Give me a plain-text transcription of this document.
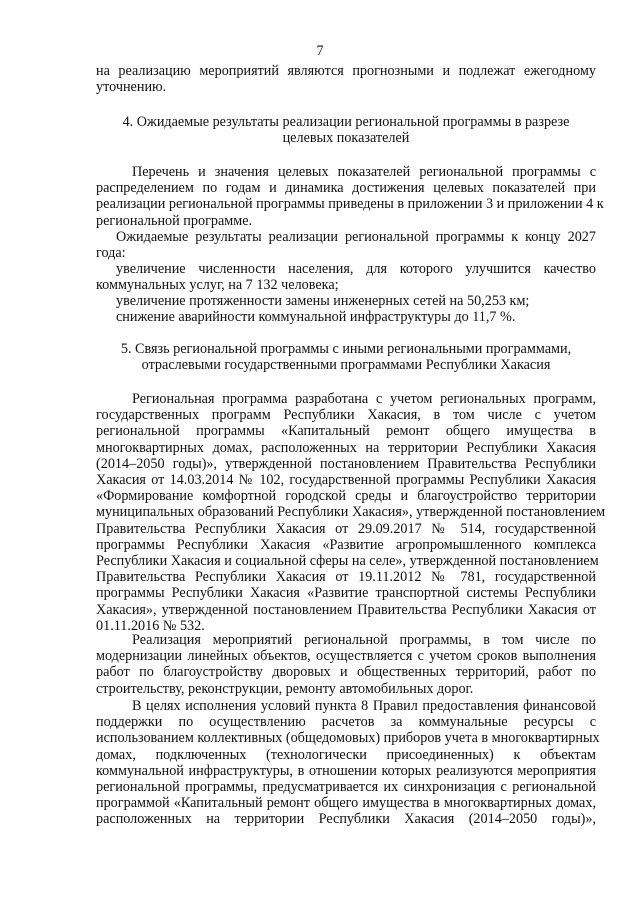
7
на реализацию мероприятий являются прогнозными и подлежат ежегодному
уточнению.
4. Ожидаемые результаты реализации региональной программы в разрезе
целевых показателей
Перечень и значения целевых показателей региональной программы с
распределением по годам и динамика достижения целевых показателей при
реализации региональной программы приведены в приложении 3 и приложении 4 к
региональной программе.
Ожидаемые результаты реализации региональной программы к концу 2027
года:
увеличение численности населения, для которого улучшится качество
коммунальных услуг, на 7 132 человека;
увеличение протяженности замены инженерных сетей на 50,253 км;
снижение аварийности коммунальной инфраструктуры до 11,7 %.
5. Связь региональной программы с иными региональными программами,
отраслевыми государственными программами Республики Хакасия
Региональная программа разработана с учетом региональных программ,
государственных программ Республики Хакасия, в том числе с учетом
региональной программы «Капитальный ремонт общего имущества в
многоквартирных домах, расположенных на территории Республики Хакасия
(2014–2050 годы)», утвержденной постановлением Правительства Республики
Хакасия от 14.03.2014 № 102, государственной программы Республики Хакасия
«Формирование комфортной городской среды и благоустройство территории
муниципальных образований Республики Хакасия», утвержденной постановлением
Правительства Республики Хакасия от 29.09.2017 № 514, государственной
программы Республики Хакасия «Развитие агропромышленного комплекса
Республики Хакасия и социальной сферы на селе», утвержденной постановлением
Правительства Республики Хакасия от 19.11.2012 № 781, государственной
программы Республики Хакасия «Развитие транспортной системы Республики
Хакасия», утвержденной постановлением Правительства Республики Хакасия от
01.11.2016 № 532.
Реализация мероприятий региональной программы, в том числе по
модернизации линейных объектов, осуществляется с учетом сроков выполнения
работ по благоустройству дворовых и общественных территорий, работ по
строительству, реконструкции, ремонту автомобильных дорог.
В целях исполнения условий пункта 8 Правил предоставления финансовой
поддержки по осуществлению расчетов за коммунальные ресурсы с
использованием коллективных (общедомовых) приборов учета в многоквартирных
домах, подключенных (технологически присоединенных) к объектам
коммунальной инфраструктуры, в отношении которых реализуются мероприятия
региональной программы, предусматривается их синхронизация с региональной
программой «Капитальный ремонт общего имущества в многоквартирных домах,
расположенных на территории Республики Хакасия (2014–2050 годы)»,
